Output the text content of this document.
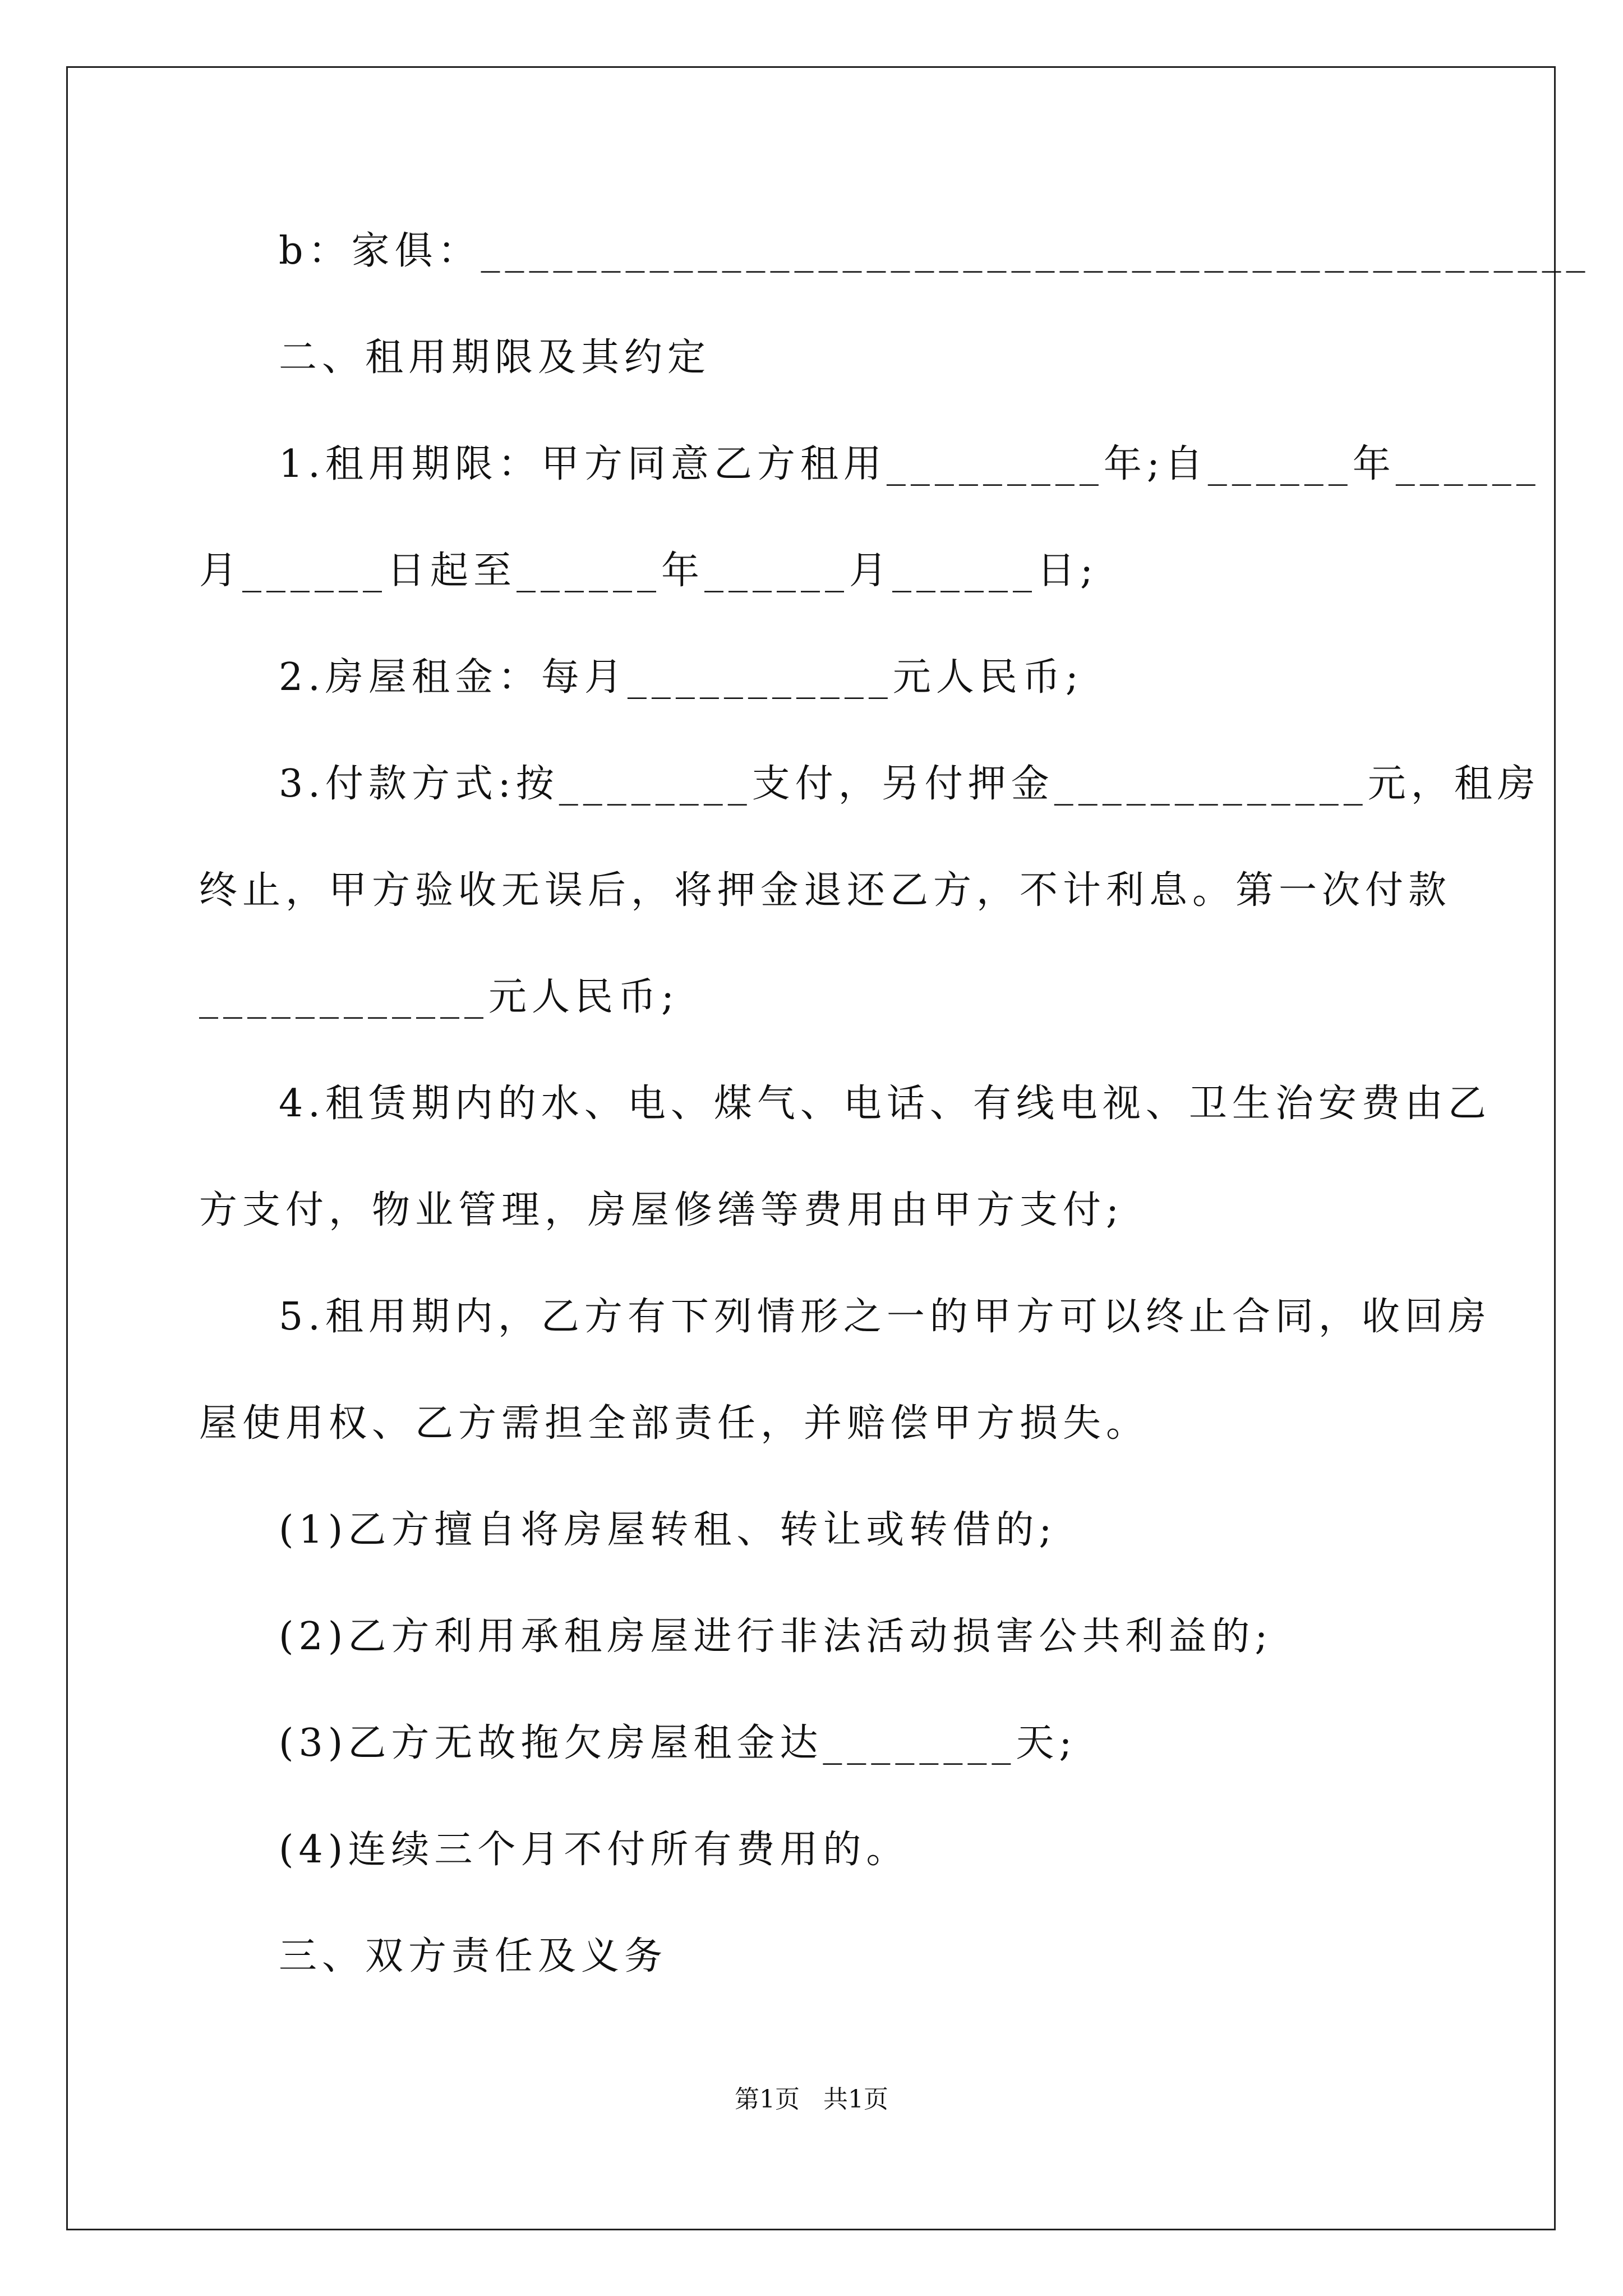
b：家俱：______________________________________________
二、租用期限及其约定
1.租用期限：甲方同意乙方租用_________年;自______年______
月______日起至______年______月______日;
2.房屋租金：每月___________元人民币;
3.付款方式:按________支付，另付押金_____________元，租房
终止，甲方验收无误后，将押金退还乙方，不计利息。第一次付款
____________元人民币;
4.租赁期内的水、电、煤气、电话、有线电视、卫生治安费由乙
方支付，物业管理，房屋修缮等费用由甲方支付;
5.租用期内，乙方有下列情形之一的甲方可以终止合同，收回房
屋使用权、乙方需担全部责任，并赔偿甲方损失。
(1)乙方擅自将房屋转租、转让或转借的;
(2)乙方利用承租房屋进行非法活动损害公共利益的;
(3)乙方无故拖欠房屋租金达________天;
(4)连续三个月不付所有费用的。
三、双方责任及义务
第1页   共1页
